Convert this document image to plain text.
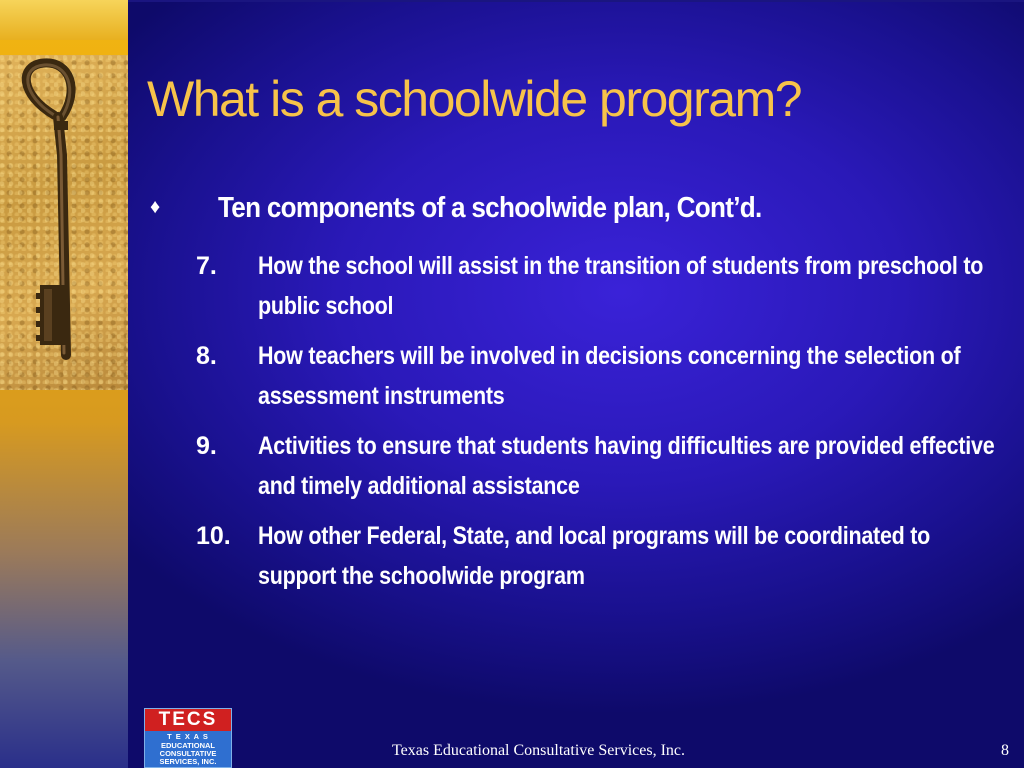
What is a schoolwide program?
♦ Ten components of a schoolwide plan, Cont’d.
7. How the school will assist in the transition of students from preschool to public school
8. How teachers will be involved in decisions concerning the selection of assessment instruments
9. Activities to ensure that students having difficulties are provided effective and timely additional assistance
10. How other Federal, State, and local programs will be coordinated to support the schoolwide program
TECS
T E X A S
EDUCATIONAL
CONSULTATIVE
SERVICES, INC.
Texas Educational Consultative Services, Inc.	8
